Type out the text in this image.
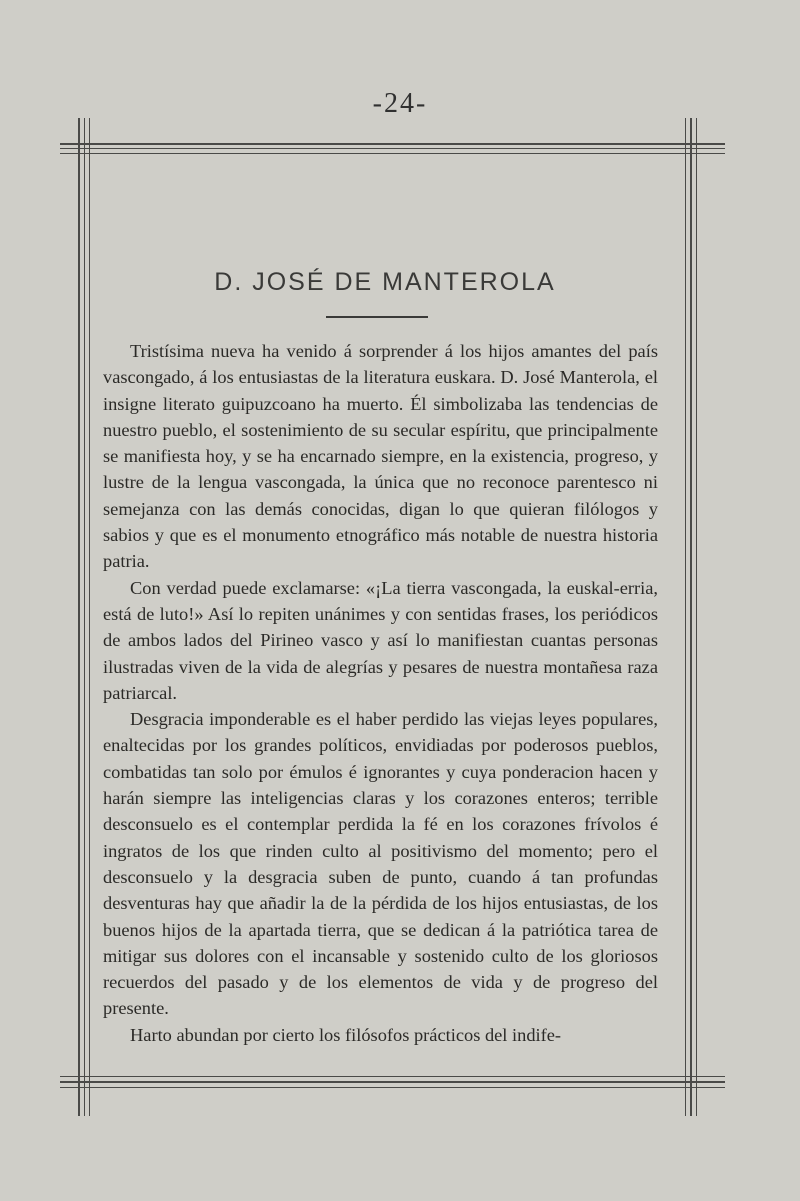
-24-
D. JOSÉ DE MANTEROLA

Tristísima nueva ha venido á sorprender á los hijos amantes del país vascongado, á los entusiastas de la literatura euskara. D. José Manterola, el insigne literato guipuzcoano ha muerto. Él simbolizaba las tendencias de nuestro pueblo, el sostenimiento de su secular espíritu, que principalmente se manifiesta hoy, y se ha encarnado siempre, en la existencia, progreso, y lustre de la lengua vascongada, la única que no reconoce parentesco ni semejanza con las demás conocidas, digan lo que quieran filólogos y sabios y que es el monumento etnográfico más notable de nuestra historia patria.

Con verdad puede exclamarse: «¡La tierra vascongada, la euskal-erria, está de luto!» Así lo repiten unánimes y con sentidas frases, los periódicos de ambos lados del Pirineo vasco y así lo manifiestan cuantas personas ilustradas viven de la vida de alegrías y pesares de nuestra montañesa raza patriarcal.

Desgracia imponderable es el haber perdido las viejas leyes populares, enaltecidas por los grandes políticos, envidiadas por poderosos pueblos, combatidas tan solo por émulos é ignorantes y cuya ponderacion hacen y harán siempre las inteligencias claras y los corazones enteros; terrible desconsuelo es el contemplar perdida la fé en los corazones frívolos é ingratos de los que rinden culto al positivismo del momento; pero el desconsuelo y la desgracia suben de punto, cuando á tan profundas desventuras hay que añadir la de la pérdida de los hijos entusiastas, de los buenos hijos de la apartada tierra, que se dedican á la patriótica tarea de mitigar sus dolores con el incansable y sostenido culto de los gloriosos recuerdos del pasado y de los elementos de vida y de progreso del presente.

Harto abundan por cierto los filósofos prácticos del indife-
